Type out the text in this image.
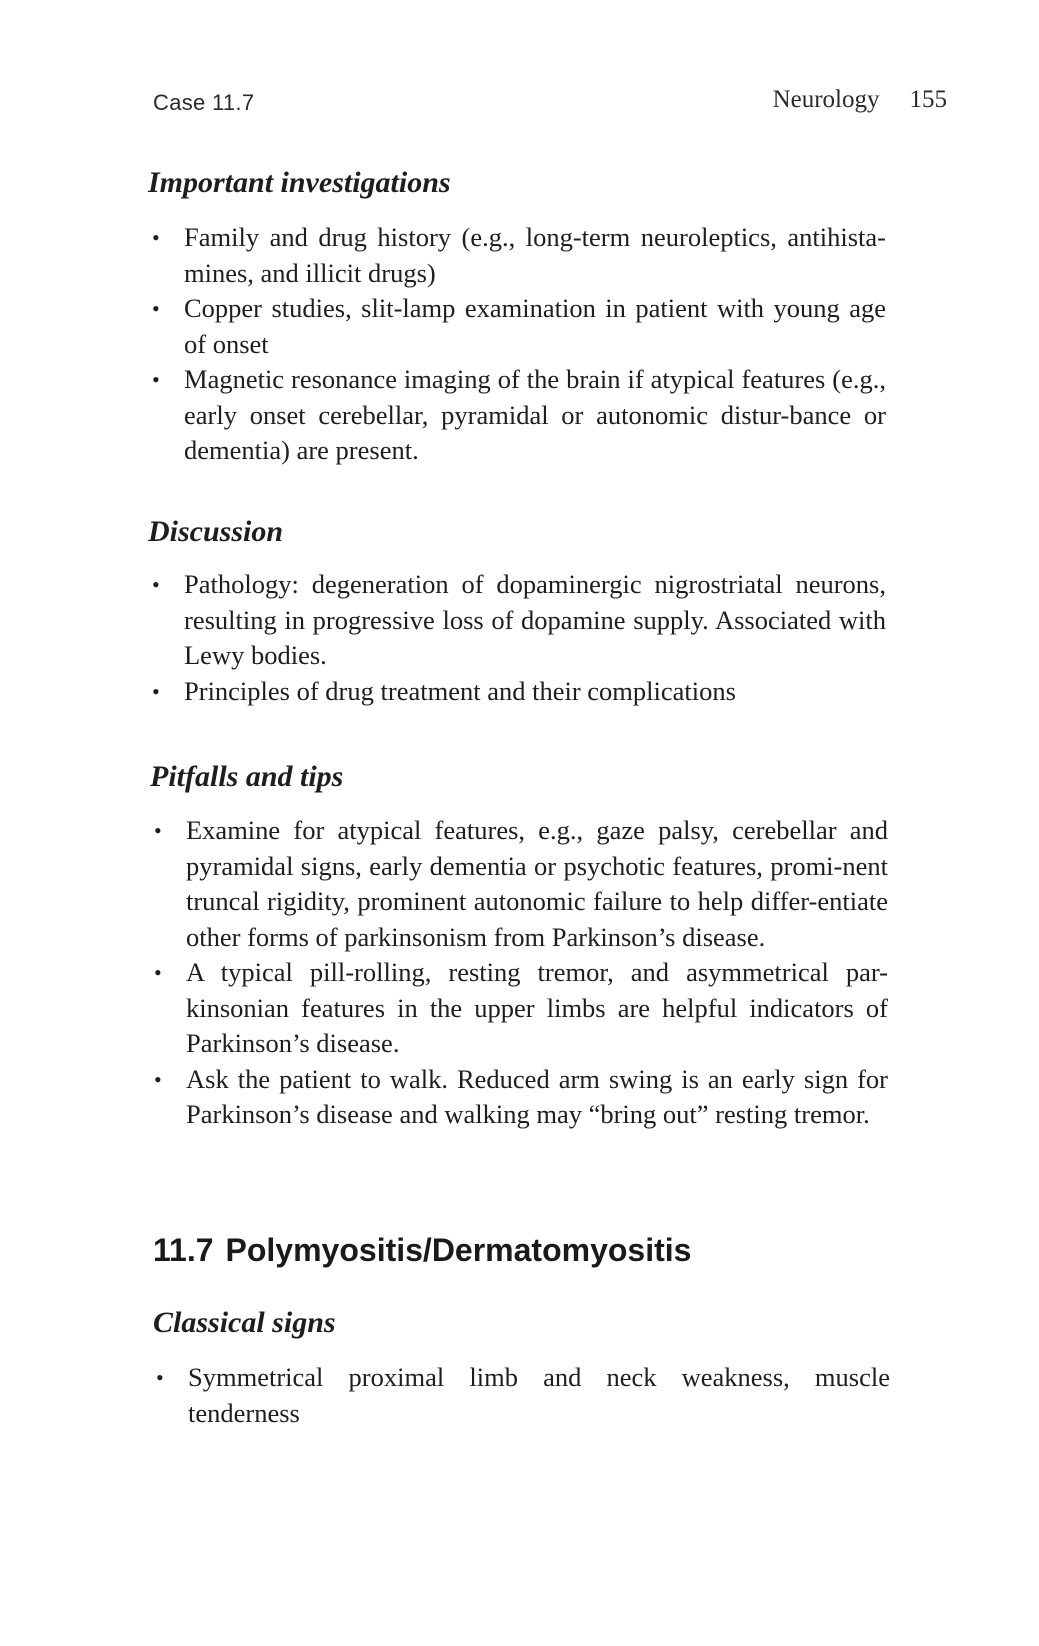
Case 11.7	Neurology 155
Important investigations
• Family and drug history (e.g., long-term neuroleptics, antihista-mines, and illicit drugs)
• Copper studies, slit-lamp examination in patient with young age of onset
• Magnetic resonance imaging of the brain if atypical features (e.g., early onset cerebellar, pyramidal or autonomic distur-bance or dementia) are present.
Discussion
• Pathology: degeneration of dopaminergic nigrostriatal neurons, resulting in progressive loss of dopamine supply. Associated with Lewy bodies.
• Principles of drug treatment and their complications
Pitfalls and tips
• Examine for atypical features, e.g., gaze palsy, cerebellar and pyramidal signs, early dementia or psychotic features, promi-nent truncal rigidity, prominent autonomic failure to help differ-entiate other forms of parkinsonism from Parkinson’s disease.
• A typical pill-rolling, resting tremor, and asymmetrical par-kinsonian features in the upper limbs are helpful indicators of Parkinson’s disease.
• Ask the patient to walk. Reduced arm swing is an early sign for Parkinson’s disease and walking may “bring out” resting tremor.
11.7 Polymyositis/Dermatomyositis
Classical signs
• Symmetrical proximal limb and neck weakness, muscle tenderness
